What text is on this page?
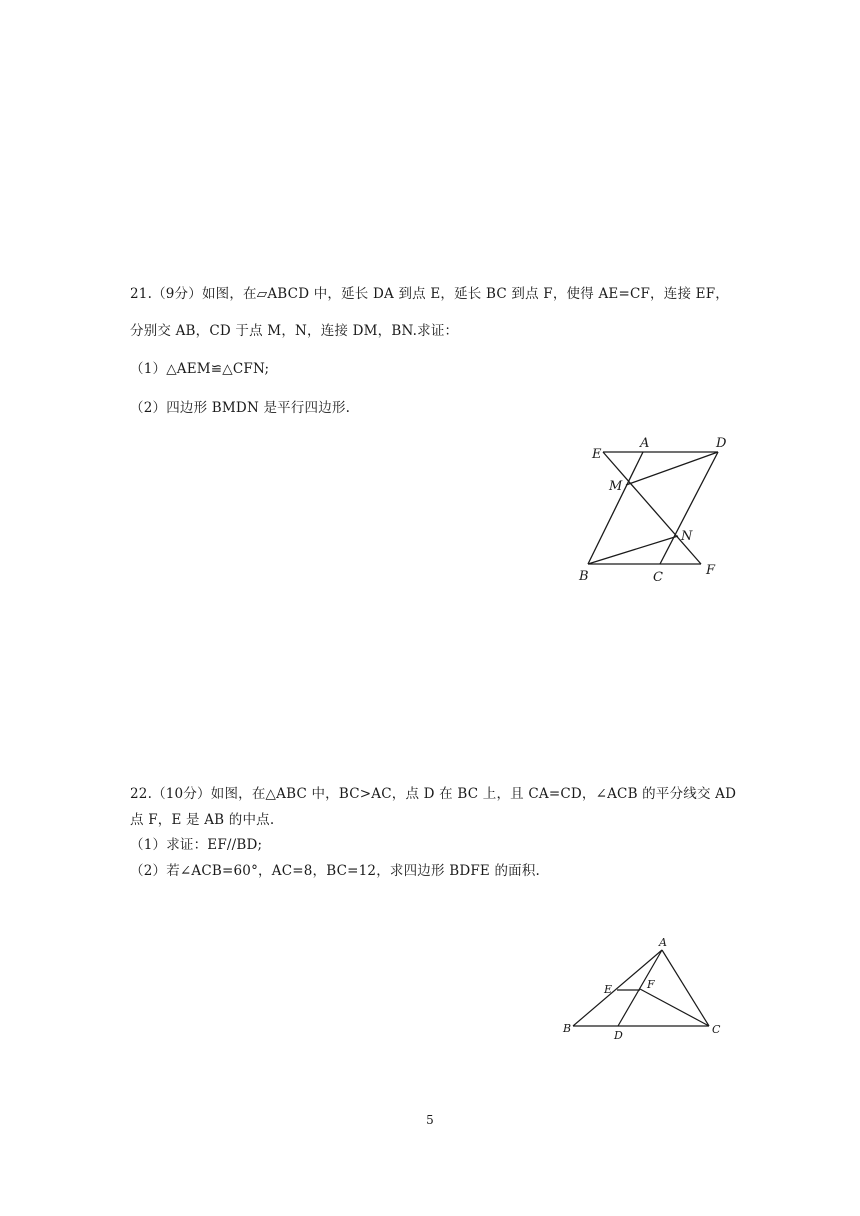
21.（9分）如图，在▱ABCD 中，延长 DA 到点 E，延长 BC 到点 F，使得 AE=CF，连接 EF，
分别交 AB，CD 于点 M，N，连接 DM，BN.求证：
（1）△AEM≌△CFN;
（2）四边形 BMDN 是平行四边形.
E
A	D
M
N
B	C	F
22.（10分）如图，在△ABC 中，BC>AC，点 D 在 BC 上，且 CA=CD，∠ACB 的平分线交 AD
点 F，E 是 AB 的中点.
（1）求证：EF//BD;
（2）若∠ACB=60°，AC=8，BC=12，求四边形 BDFE 的面积.
A
E	F
B
D	C
5
